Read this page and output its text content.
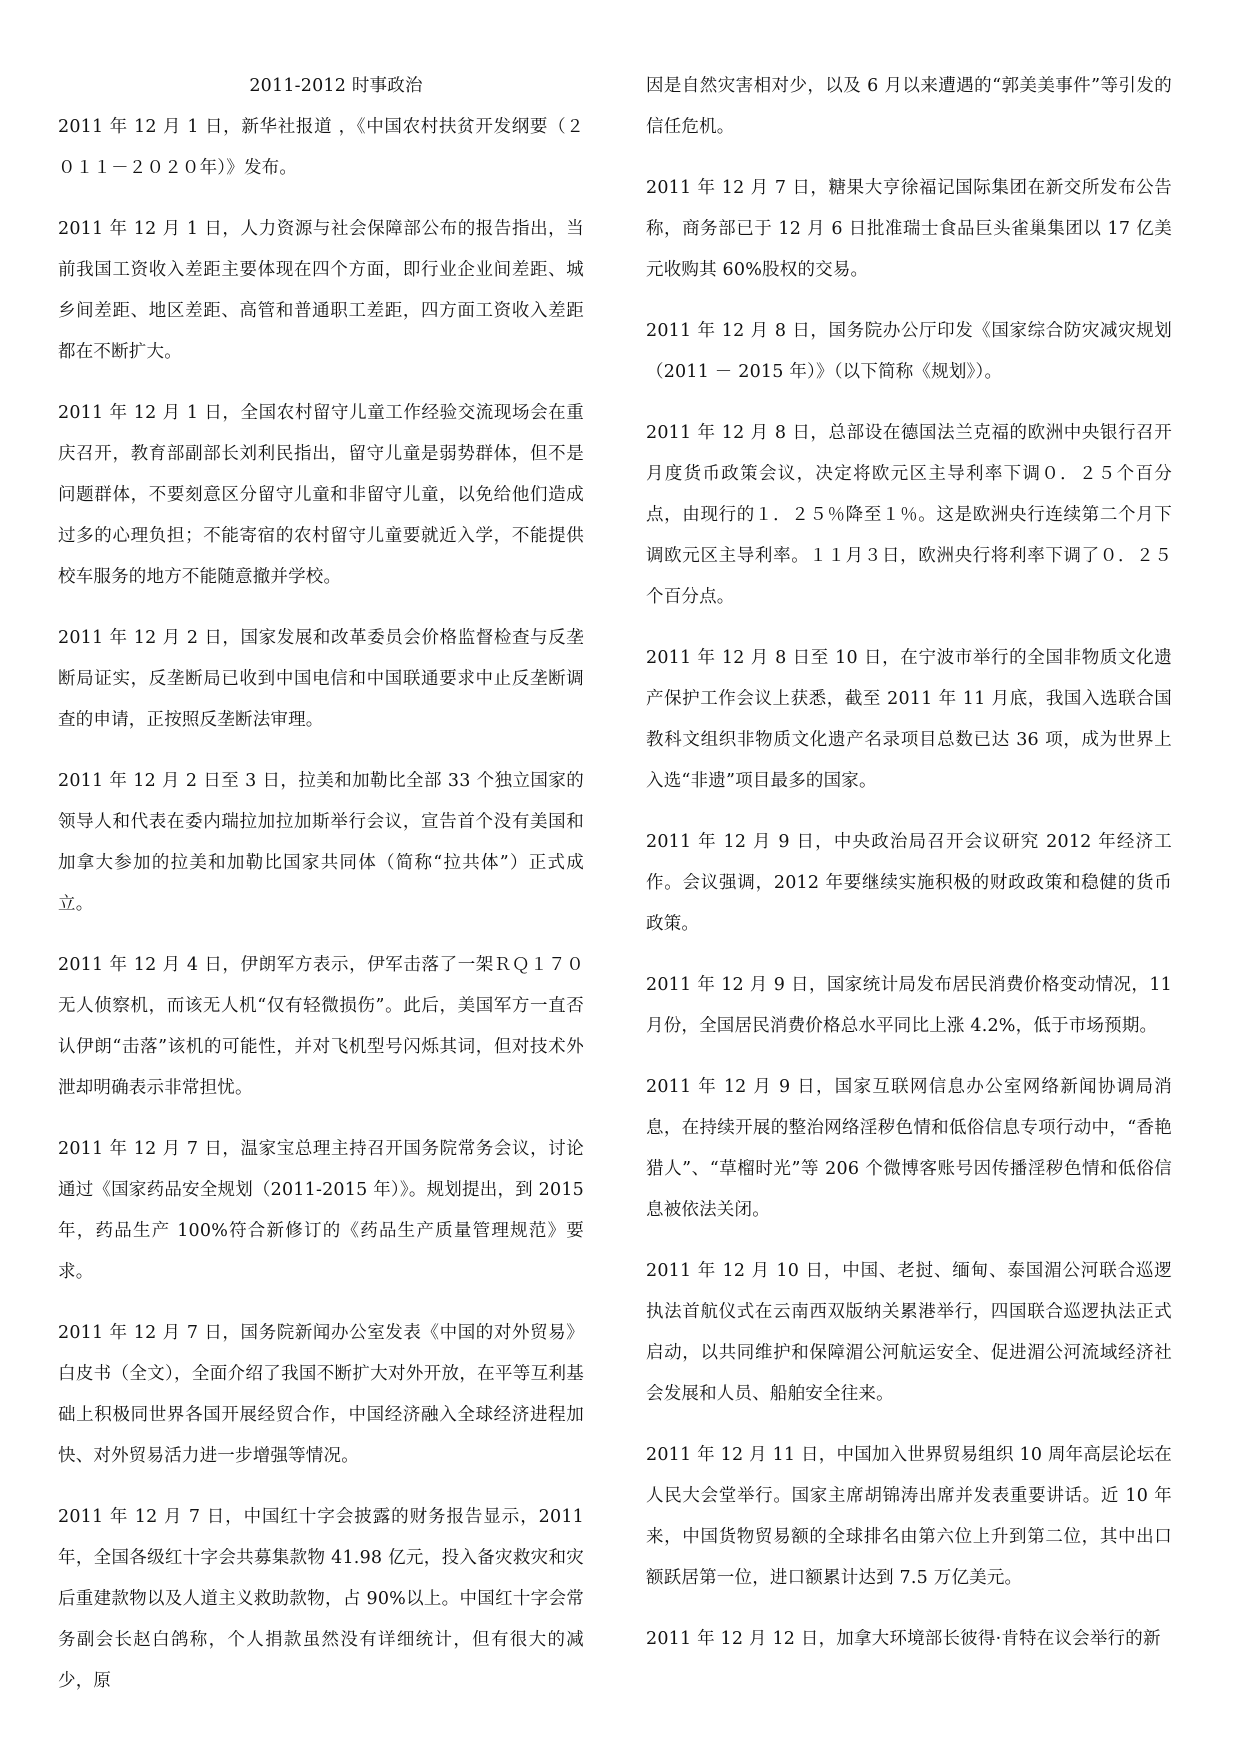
2011-2012 时事政治

2011 年 12 月 1 日，新华社报道 ，《中国农村扶贫开发纲要（２０１１－２０２０年）》发布。

2011 年 12 月 1 日，人力资源与社会保障部公布的报告指出，当前我国工资收入差距主要体现在四个方面，即行业企业间差距、城乡间差距、地区差距、高管和普通职工差距，四方面工资收入差距都在不断扩大。

2011 年 12 月 1 日，全国农村留守儿童工作经验交流现场会在重庆召开，教育部副部长刘利民指出，留守儿童是弱势群体，但不是问题群体，不要刻意区分留守儿童和非留守儿童，以免给他们造成过多的心理负担；不能寄宿的农村留守儿童要就近入学，不能提供校车服务的地方不能随意撤并学校。

2011 年 12 月 2 日，国家发展和改革委员会价格监督检查与反垄断局证实，反垄断局已收到中国电信和中国联通要求中止反垄断调查的申请，正按照反垄断法审理。

2011 年 12 月 2 日至 3 日，拉美和加勒比全部 33 个独立国家的领导人和代表在委内瑞拉加拉加斯举行会议，宣告首个没有美国和加拿大参加的拉美和加勒比国家共同体（简称“拉共体”）正式成立。

2011 年 12 月 4 日，伊朗军方表示，伊军击落了一架ＲＱ１７０无人侦察机，而该无人机“仅有轻微损伤”。此后，美国军方一直否认伊朗“击落”该机的可能性，并对飞机型号闪烁其词，但对技术外泄却明确表示非常担忧。

2011 年 12 月 7 日，温家宝总理主持召开国务院常务会议，讨论通过《国家药品安全规划（2011-2015 年）》。规划提出，到 2015 年，药品生产 100%符合新修订的《药品生产质量管理规范》要求。

2011 年 12 月 7 日，国务院新闻办公室发表《中国的对外贸易》白皮书（全文），全面介绍了我国不断扩大对外开放，在平等互利基础上积极同世界各国开展经贸合作，中国经济融入全球经济进程加快、对外贸易活力进一步增强等情况。

2011 年 12 月 7 日，中国红十字会披露的财务报告显示，2011 年，全国各级红十字会共募集款物 41.98 亿元，投入备灾救灾和灾后重建款物以及人道主义救助款物，占 90%以上。中国红十字会常务副会长赵白鸽称，个人捐款虽然没有详细统计，但有很大的减少，原

因是自然灾害相对少，以及 6 月以来遭遇的“郭美美事件”等引发的信任危机。

2011 年 12 月 7 日，糖果大亨徐福记国际集团在新交所发布公告称，商务部已于 12 月 6 日批准瑞士食品巨头雀巢集团以 17 亿美元收购其 60%股权的交易。

2011 年 12 月 8 日，国务院办公厅印发《国家综合防灾减灾规划（2011 － 2015 年）》（以下简称《规划》）。

2011 年 12 月 8 日，总部设在德国法兰克福的欧洲中央银行召开月度货币政策会议，决定将欧元区主导利率下调０．２５个百分点，由现行的１．２５％降至１％。这是欧洲央行连续第二个月下调欧元区主导利率。１１月３日，欧洲央行将利率下调了０．２５个百分点。

2011 年 12 月 8 日至 10 日，在宁波市举行的全国非物质文化遗产保护工作会议上获悉，截至 2011 年 11 月底，我国入选联合国教科文组织非物质文化遗产名录项目总数已达 36 项，成为世界上入选“非遗”项目最多的国家。

2011 年 12 月 9 日，中央政治局召开会议研究 2012 年经济工作。会议强调，2012 年要继续实施积极的财政政策和稳健的货币政策。

2011 年 12 月 9 日，国家统计局发布居民消费价格变动情况，11 月份，全国居民消费价格总水平同比上涨 4.2%，低于市场预期。

2011 年 12 月 9 日，国家互联网信息办公室网络新闻协调局消息，在持续开展的整治网络淫秽色情和低俗信息专项行动中，“香艳猎人”、“草榴时光”等 206 个微博客账号因传播淫秽色情和低俗信息被依法关闭。

2011 年 12 月 10 日，中国、老挝、缅甸、泰国湄公河联合巡逻执法首航仪式在云南西双版纳关累港举行，四国联合巡逻执法正式启动，以共同维护和保障湄公河航运安全、促进湄公河流域经济社会发展和人员、船舶安全往来。

2011 年 12 月 11 日，中国加入世界贸易组织 10 周年高层论坛在人民大会堂举行。国家主席胡锦涛出席并发表重要讲话。近 10 年来，中国货物贸易额的全球排名由第六位上升到第二位，其中出口额跃居第一位，进口额累计达到 7.5 万亿美元。

2011 年 12 月 12 日，加拿大环境部长彼得·肯特在议会举行的新
